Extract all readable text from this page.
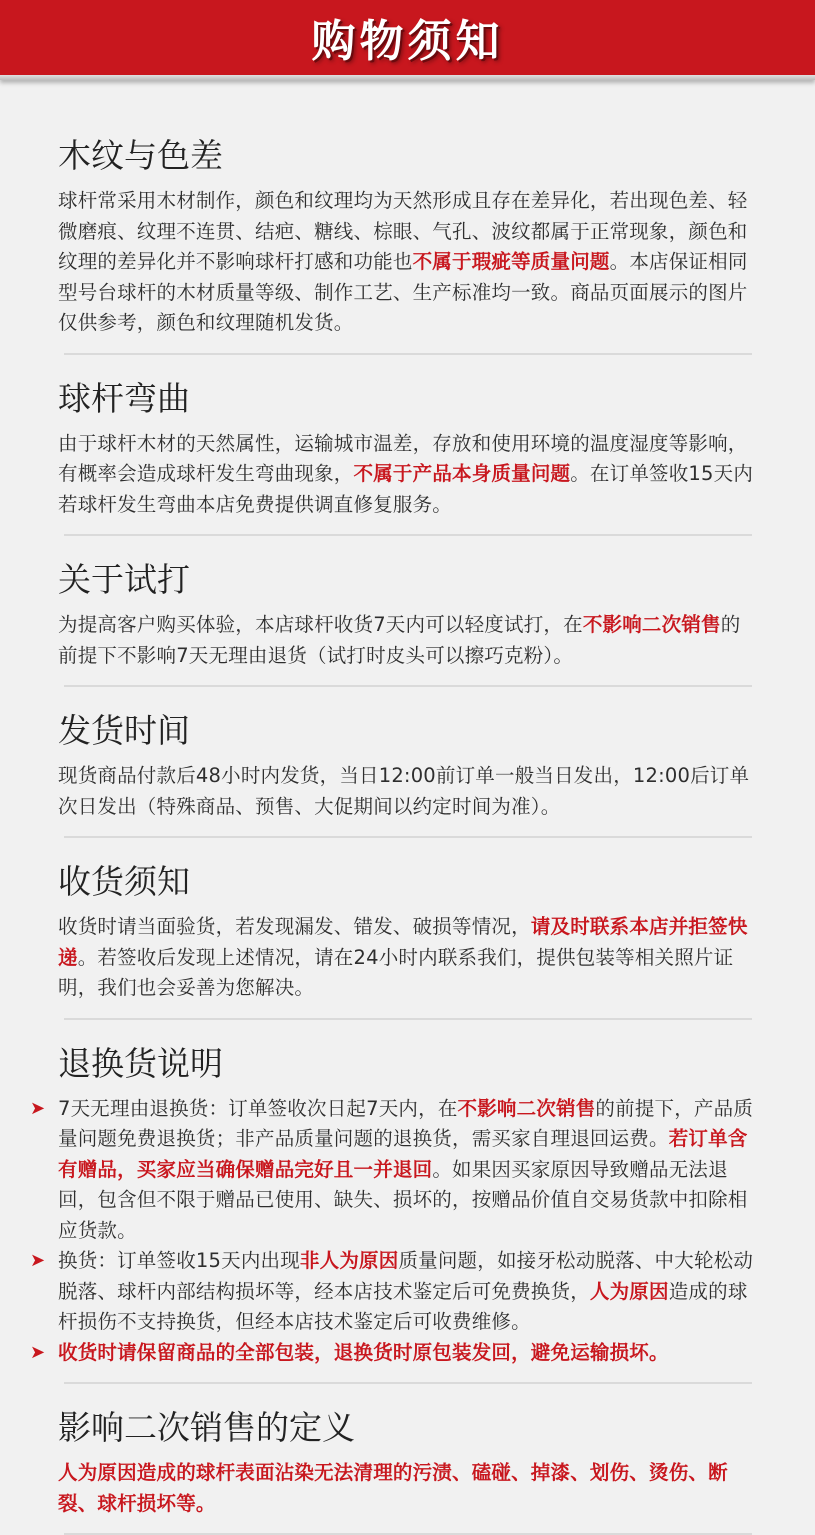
购物须知
木纹与色差

球杆常采用木材制作，颜色和纹理均为天然形成且存在差异化，若出现色差、轻微磨痕、纹理不连贯、结疤、糖线、棕眼、气孔、波纹都属于正常现象，颜色和纹理的差异化并不影响球杆打感和功能也不属于瑕疵等质量问题。本店保证相同型号台球杆的木材质量等级、制作工艺、生产标准均一致。商品页面展示的图片仅供参考，颜色和纹理随机发货。

球杆弯曲

由于球杆木材的天然属性，运输城市温差，存放和使用环境的温度湿度等影响，有概率会造成球杆发生弯曲现象，不属于产品本身质量问题。在订单签收15天内若球杆发生弯曲本店免费提供调直修复服务。

关于试打

为提高客户购买体验，本店球杆收货7天内可以轻度试打，在不影响二次销售的前提下不影响7天无理由退货（试打时皮头可以擦巧克粉）。

发货时间

现货商品付款后48小时内发货，当日12:00前订单一般当日发出，12:00后订单次日发出（特殊商品、预售、大促期间以约定时间为准）。

收货须知

收货时请当面验货，若发现漏发、错发、破损等情况，请及时联系本店并拒签快递。若签收后发现上述情况，请在24小时内联系我们，提供包装等相关照片证明，我们也会妥善为您解决。

退换货说明
➤ 7天无理由退换货：订单签收次日起7天内，在不影响二次销售的前提下，产品质量问题免费退换货；非产品质量问题的退换货，需买家自理退回运费。若订单含有赠品，买家应当确保赠品完好且一并退回。如果因买家原因导致赠品无法退回，包含但不限于赠品已使用、缺失、损坏的，按赠品价值自交易货款中扣除相应货款。
➤ 换货：订单签收15天内出现非人为原因质量问题，如接牙松动脱落、中大轮松动脱落、球杆内部结构损坏等，经本店技术鉴定后可免费换货，人为原因造成的球杆损伤不支持换货，但经本店技术鉴定后可收费维修。
➤ 收货时请保留商品的全部包装，退换货时原包装发回，避免运输损坏。
影响二次销售的定义

人为原因造成的球杆表面沾染无法清理的污渍、磕碰、掉漆、划伤、烫伤、断裂、球杆损坏等。
